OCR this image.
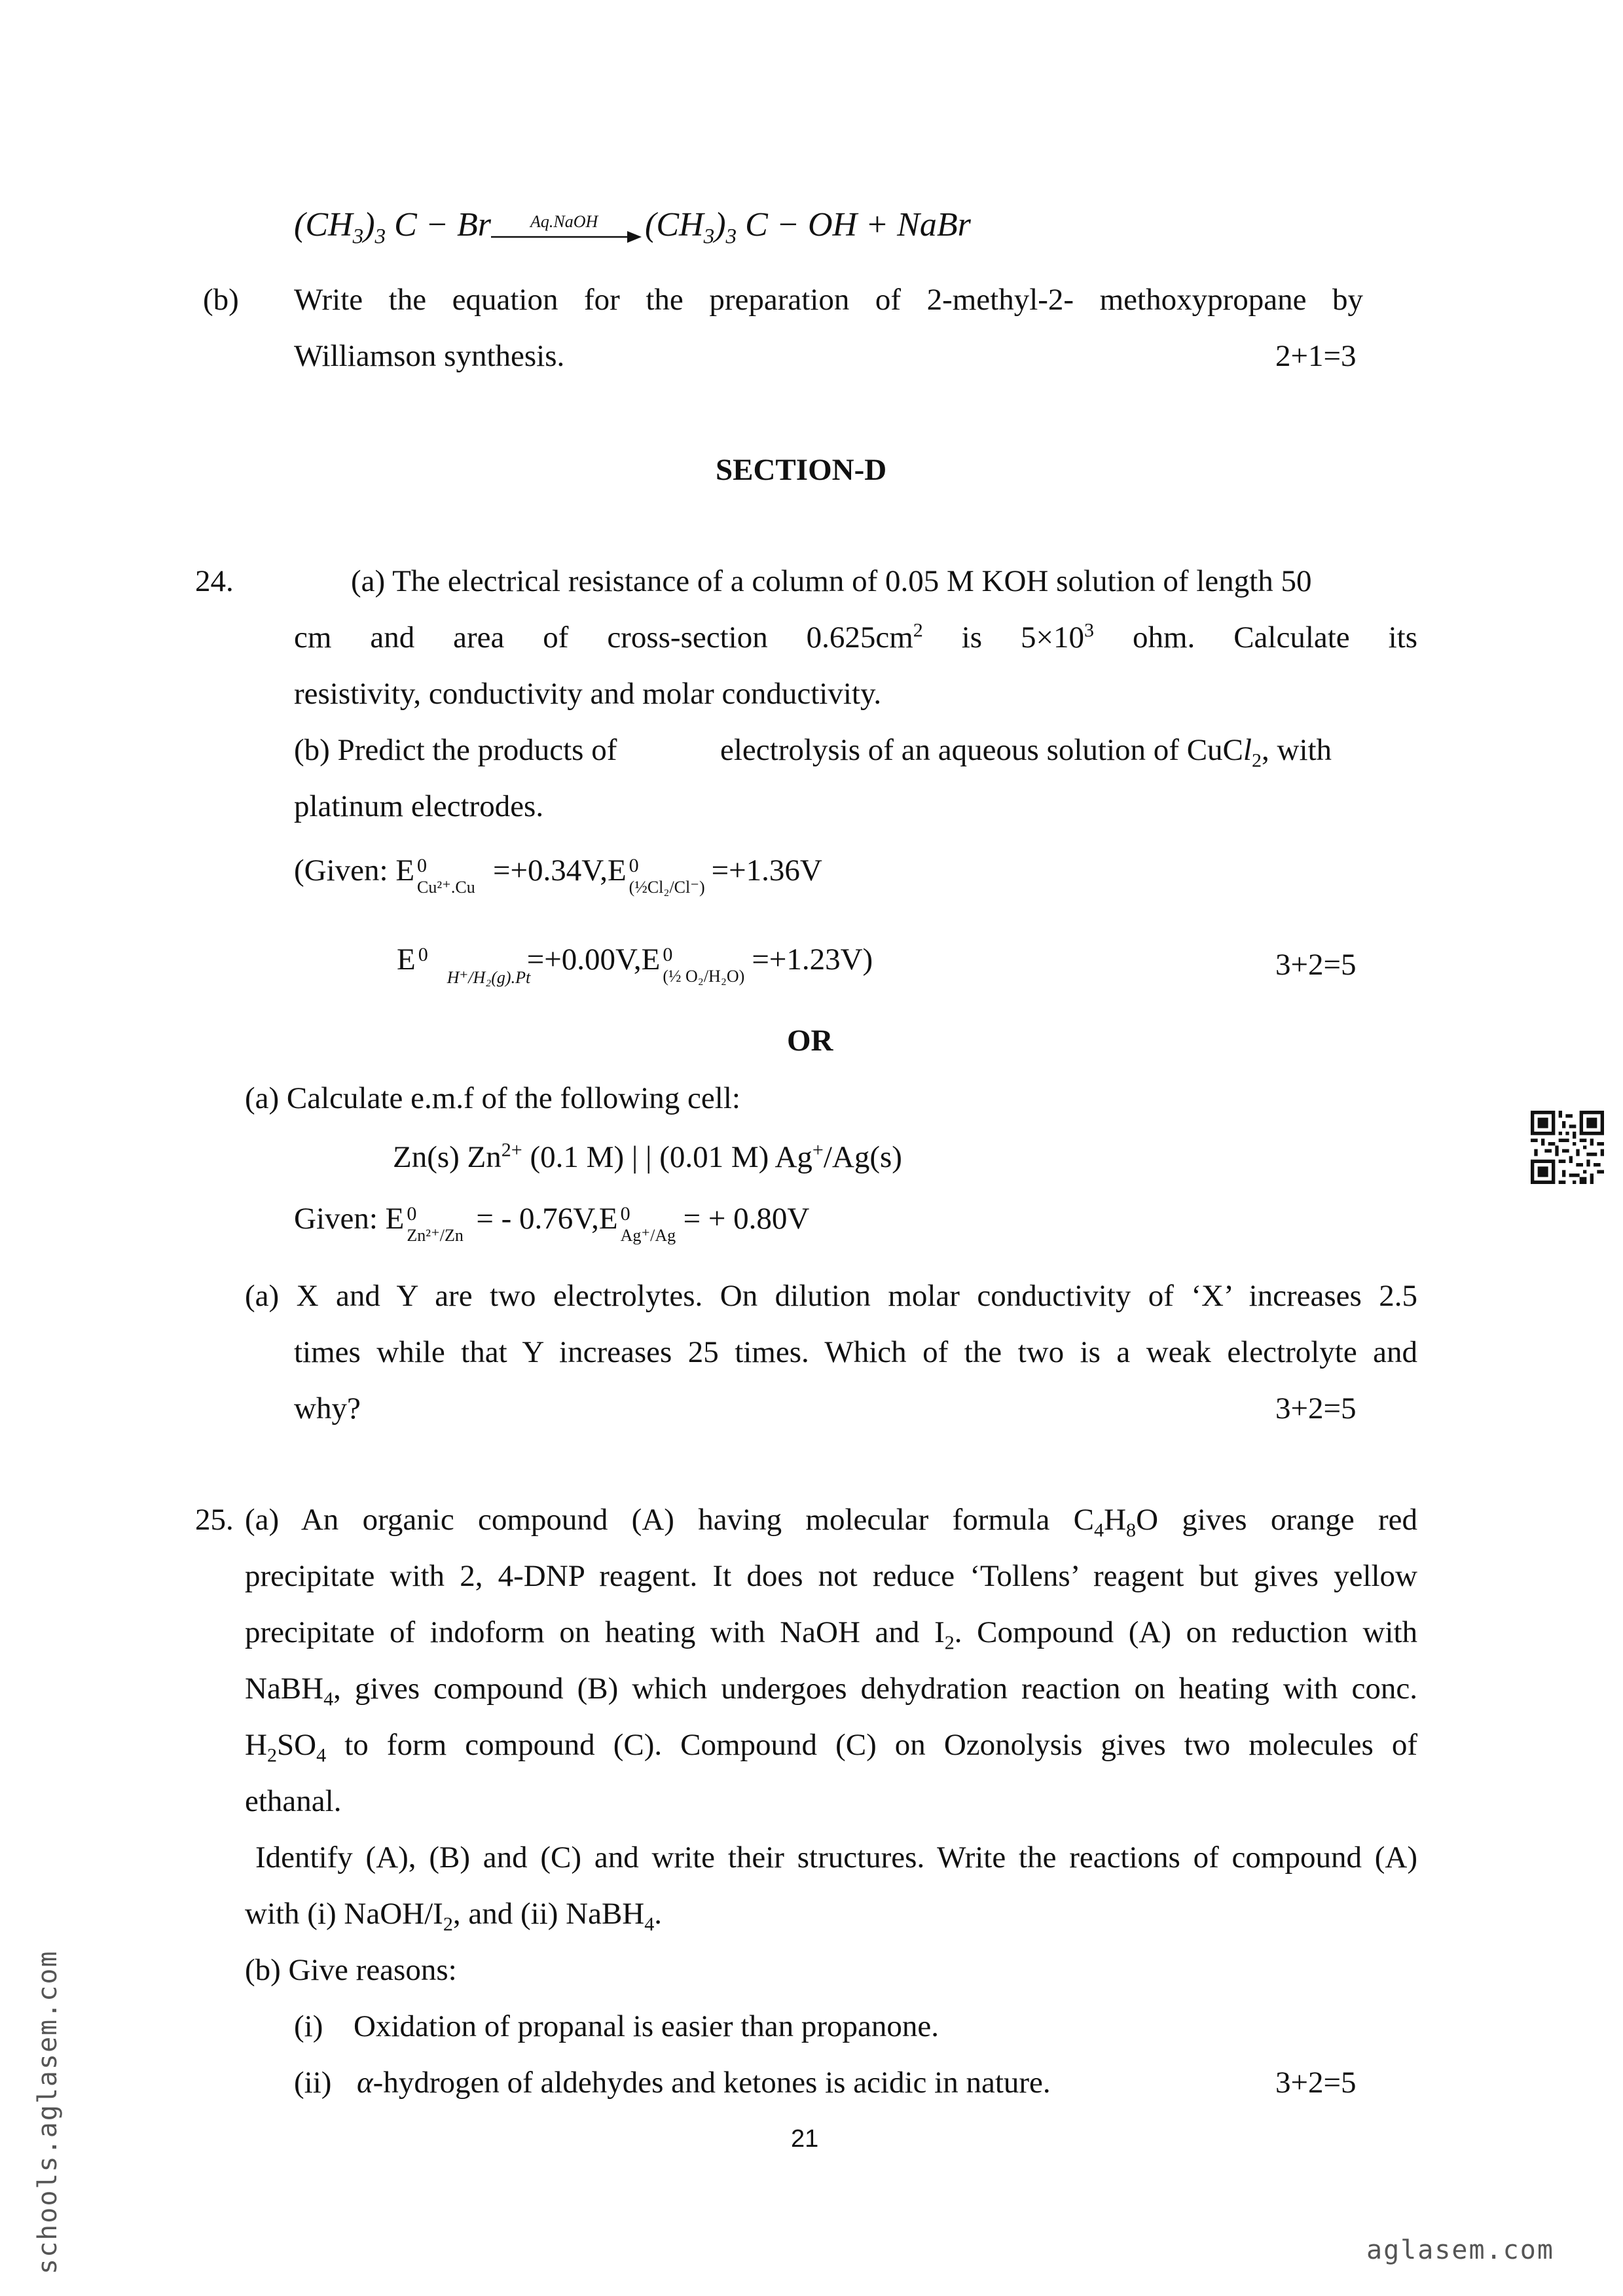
$(CH_3)_3$ C − Br Aq.NaOH $(CH_3)_3$ C − OH + NaBr
(b) Write the equation for the preparation of 2-methyl-2- methoxypropane by
Williamson synthesis.	2+1=3
SECTION-D
24.	(a) The electrical resistance of a column of 0.05 M KOH solution of length 50
cm and area of cross-section $0.625cm^2$ is $5\times 10^3$ ohm. Calculate its
resistivity, conductivity and molar conductivity.
(b) Predict the products of	electrolysis of an aqueous solution of CuCl$_2$, with
platinum electrodes.
(Given: E 0
Cu²⁺.Cu =+0.34V,E 0
(½Cl₂/Cl⁻) =+1.36V
E 0
H⁺/H₂(g).Pt
=+0.00V,E 0
(½ O₂/H₂O) =+1.23V)	3+2=5
OR
(a) Calculate e.m.f of the following cell:
Zn(s) $Zn^{2+}$ (0.1 M) | | (0.01 M) Ag+/Ag(s)
Given: E 0
Zn²⁺/Zn = - 0.76V,E 0
Ag⁺/Ag = + 0.80V
(a) X and Y are two electrolytes. On dilution molar conductivity of ‘X’ increases 2.5
times while that Y increases 25 times. Which of the two is a weak electrolyte and
why?	3+2=5
25. (a) An organic compound (A) having molecular formula $C_4H_8O$ gives orange red
precipitate with 2, 4-DNP reagent. It does not reduce ‘Tollens’ reagent but gives yellow
precipitate of indoform on heating with NaOH and $I_2$. Compound (A) on reduction with
NaBH$_4$, gives compound (B) which undergoes dehydration reaction on heating with conc.
$H_2SO_4$ to form compound (C). Compound (C) on Ozonolysis gives two molecules of
ethanal.
Identify (A), (B) and (C) and write their structures. Write the reactions of compound (A)
with (i) NaOH/$I_2$, and (ii) NaBH$_4$.
(b) Give reasons:
(i) Oxidation of propanal is easier than propanone.
(ii) α-hydrogen of aldehydes and ketones is acidic in nature.	3+2=5
21
schools.aglasem.com	aglasem.com
